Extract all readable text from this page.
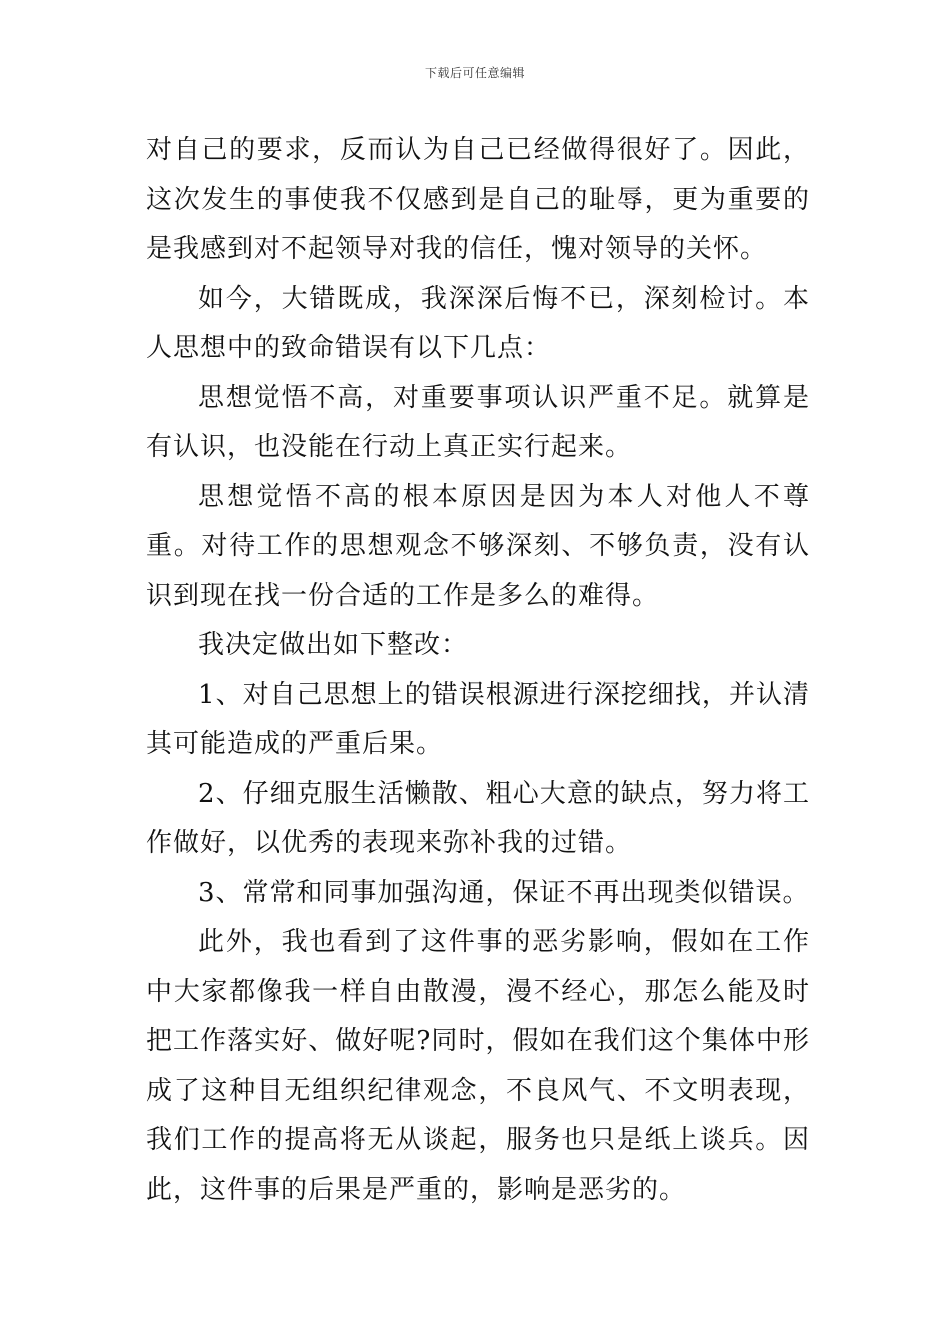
下载后可任意编辑

对自己的要求，反而认为自己已经做得很好了。因此，这次发生的事使我不仅感到是自己的耻辱，更为重要的是我感到对不起领导对我的信任，愧对领导的关怀。

如今，大错既成，我深深后悔不已，深刻检讨。本人思想中的致命错误有以下几点：

思想觉悟不高，对重要事项认识严重不足。就算是有认识，也没能在行动上真正实行起来。

思想觉悟不高的根本原因是因为本人对他人不尊重。对待工作的思想观念不够深刻、不够负责，没有认识到现在找一份合适的工作是多么的难得。

我决定做出如下整改：

1、对自己思想上的错误根源进行深挖细找，并认清其可能造成的严重后果。

2、仔细克服生活懒散、粗心大意的缺点，努力将工作做好，以优秀的表现来弥补我的过错。

3、常常和同事加强沟通，保证不再出现类似错误。

此外，我也看到了这件事的恶劣影响，假如在工作中大家都像我一样自由散漫，漫不经心，那怎么能及时把工作落实好、做好呢?同时，假如在我们这个集体中形成了这种目无组织纪律观念，不良风气、不文明表现，我们工作的提高将无从谈起，服务也只是纸上谈兵。因此，这件事的后果是严重的，影响是恶劣的。
